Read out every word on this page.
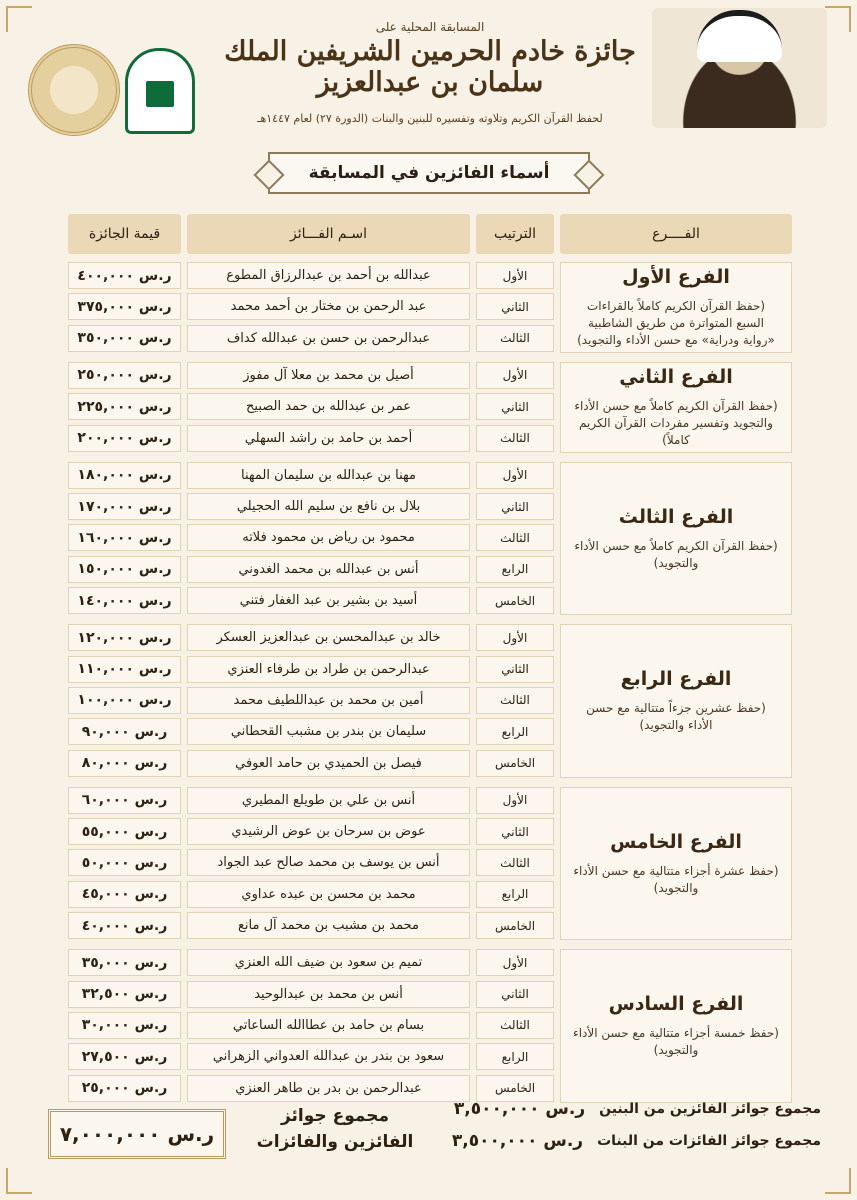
المسابقة المحلية على
جائزة خادم الحرمين الشريفين الملك سلمان بن عبدالعزيز
لحفظ القرآن الكريم وتلاوته وتفسيره للبنين والبنات (الدورة ٢٧) لعام ١٤٤٧هـ
أسماء الفائزين في المسابقة
الفــــرع
الترتيب
اسـم الفـــائز
قيمة الجائزة
الفرع الأول
(حفظ القرآن الكريم كاملاً بالقراءات السبع المتواترة من طريق الشاطبية «رواية ودراية» مع حسن الأداء والتجويد)
الأول
عبدالله بن أحمد بن عبدالرزاق المطوع
٤٠٠,٠٠٠
ر.س
الثاني
عبد الرحمن بن مختار بن أحمد محمد
٣٧٥,٠٠٠
ر.س
الثالث
عبدالرحمن بن حسن بن عبدالله كداف
٣٥٠,٠٠٠
ر.س
الفرع الثاني
(حفظ القرآن الكريم كاملاً مع حسن الأداء والتجويد وتفسير مفردات القرآن الكريم كاملاً)
الأول
أصيل بن محمد بن معلا آل مفوز
٢٥٠,٠٠٠
ر.س
الثاني
عمر بن عبدالله بن حمد الصبيح
٢٢٥,٠٠٠
ر.س
الثالث
أحمد بن حامد بن راشد السهلي
٢٠٠,٠٠٠
ر.س
الفرع الثالث
(حفظ القرآن الكريم كاملاً مع حسن الأداء والتجويد)
الأول
مهنا بن عبدالله بن سليمان المهنا
١٨٠,٠٠٠
ر.س
الثاني
بلال بن نافع بن سليم الله الحجيلي
١٧٠,٠٠٠
ر.س
الثالث
محمود بن رياض بن محمود فلاته
١٦٠,٠٠٠
ر.س
الرابع
أنس بن عبدالله بن محمد الغدوني
١٥٠,٠٠٠
ر.س
الخامس
أسيد بن بشير بن عبد الغفار فتني
١٤٠,٠٠٠
ر.س
الفرع الرابع
(حفظ عشرين جزءاً متتالية مع حسن الأداء والتجويد)
الأول
خالد بن عبدالمحسن بن عبدالعزيز العسكر
١٢٠,٠٠٠
ر.س
الثاني
عبدالرحمن بن طراد بن طرفاء العنزي
١١٠,٠٠٠
ر.س
الثالث
أمين بن محمد بن عبداللطيف محمد
١٠٠,٠٠٠
ر.س
الرابع
سليمان بن بندر بن مشبب القحطاني
٩٠,٠٠٠
ر.س
الخامس
فيصل بن الحميدي بن حامد العوفي
٨٠,٠٠٠
ر.س
الفرع الخامس
(حفظ عشرة أجزاء متتالية مع حسن الأداء والتجويد)
الأول
أنس بن علي بن طويلع المطيري
٦٠,٠٠٠
ر.س
الثاني
عوض بن سرحان بن عوض الرشيدي
٥٥,٠٠٠
ر.س
الثالث
أنس بن يوسف بن محمد صالح عبد الجواد
٥٠,٠٠٠
ر.س
الرابع
محمد بن محسن بن عبده عداوي
٤٥,٠٠٠
ر.س
الخامس
محمد بن مشبب بن محمد آل مانع
٤٠,٠٠٠
ر.س
الفرع السادس
(حفظ خمسة أجزاء متتالية مع حسن الأداء والتجويد)
الأول
تميم بن سعود بن ضيف الله العنزي
٣٥,٠٠٠
ر.س
الثاني
أنس بن محمد بن عبدالوحيد
٣٢,٥٠٠
ر.س
الثالث
بسام بن حامد بن عطاالله الساعاتي
٣٠,٠٠٠
ر.س
الرابع
سعود بن بندر بن عبدالله العدواني الزهراني
٢٧,٥٠٠
ر.س
الخامس
عبدالرحمن بن بدر بن طاهر العنزي
٢٥,٠٠٠
ر.س
مجموع جوائز الفائزين من البنين
ر.س ٣,٥٠٠,٠٠٠
مجموع جوائز الفائزات من البنات
ر.س ٣,٥٠٠,٠٠٠
مجموع جوائز الفائزين والفائزات
٧,٠٠٠,٠٠٠
ر.س
